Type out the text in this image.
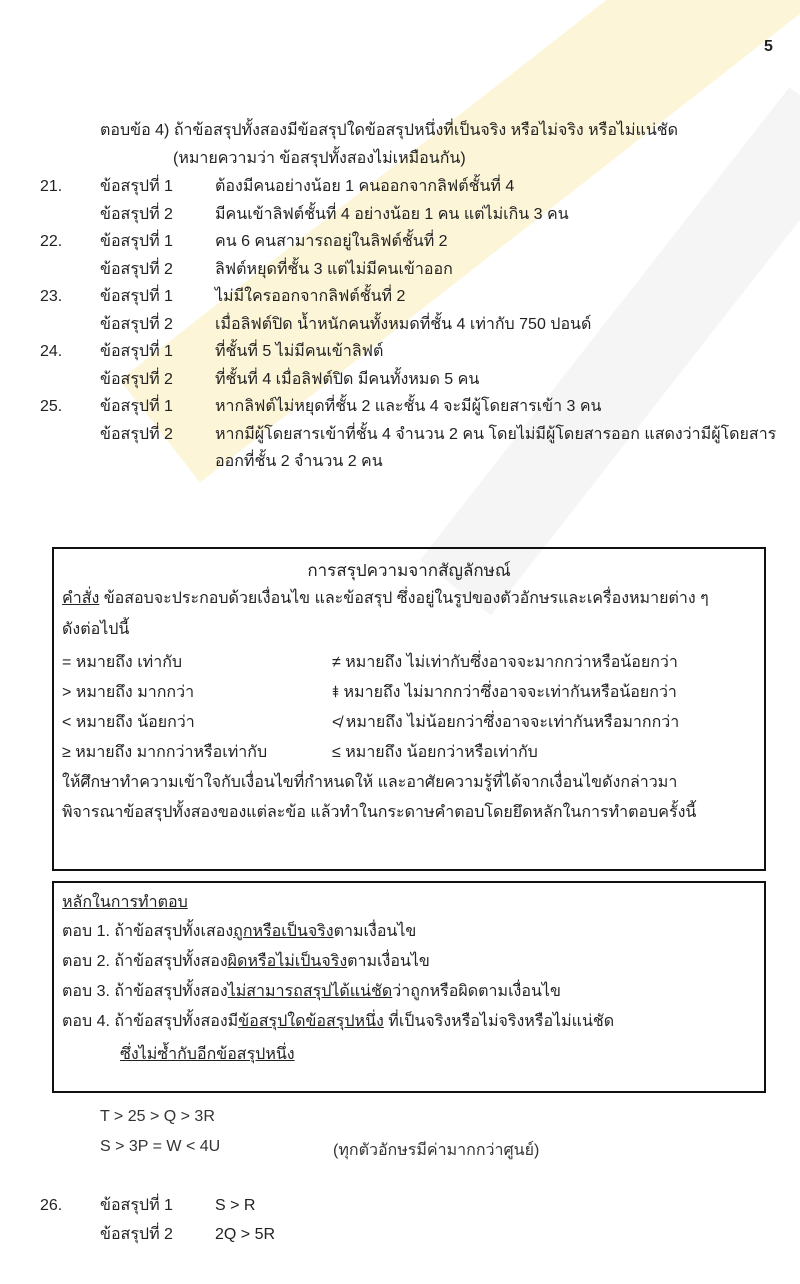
5
ตอบข้อ 4) ถ้าข้อสรุปทั้งสองมีข้อสรุปใดข้อสรุปหนึ่งที่เป็นจริง หรือไม่จริง หรือไม่แน่ชัด
(หมายความว่า ข้อสรุปทั้งสองไม่เหมือนกัน)
21. ข้อสรุปที่ 1	ต้องมีคนอย่างน้อย 1 คนออกจากลิฟต์ชั้นที่ 4
ข้อสรุปที่ 2	มีคนเข้าลิฟต์ชั้นที่ 4 อย่างน้อย 1 คน แต่ไม่เกิน 3 คน
22. ข้อสรุปที่ 1	คน 6 คนสามารถอยู่ในลิฟต์ชั้นที่ 2
ข้อสรุปที่ 2	ลิฟต์หยุดที่ชั้น 3 แต่ไม่มีคนเข้าออก
23. ข้อสรุปที่ 1	ไม่มีใครออกจากลิฟต์ชั้นที่ 2
ข้อสรุปที่ 2	เมื่อลิฟต์ปิด น้ำหนักคนทั้งหมดที่ชั้น 4 เท่ากับ 750 ปอนด์
24. ข้อสรุปที่ 1	ที่ชั้นที่ 5 ไม่มีคนเข้าลิฟต์
ข้อสรุปที่ 2	ที่ชั้นที่ 4 เมื่อลิฟต์ปิด มีคนทั้งหมด 5 คน
25. ข้อสรุปที่ 1	หากลิฟต์ไม่หยุดที่ชั้น 2 และชั้น 4 จะมีผู้โดยสารเข้า 3 คน
ข้อสรุปที่ 2	หากมีผู้โดยสารเข้าที่ชั้น 4 จำนวน 2 คน โดยไม่มีผู้โดยสารออก แสดงว่ามีผู้โดยสาร
ออกที่ชั้น 2 จำนวน 2 คน
การสรุปความจากสัญลักษณ์
คำสั่ง ข้อสอบจะประกอบด้วยเงื่อนไข และข้อสรุป ซึ่งอยู่ในรูปของตัวอักษรและเครื่องหมายต่าง ๆ
ดังต่อไปนี้
= หมายถึง เท่ากับ	≠ หมายถึง ไม่เท่ากับซึ่งอาจจะมากกว่าหรือน้อยกว่า
> หมายถึง มากกว่า	⯒ หมายถึง ไม่มากกว่าซึ่งอาจจะเท่ากันหรือน้อยกว่า
< หมายถึง น้อยกว่า	≮ หมายถึง ไม่น้อยกว่าซึ่งอาจจะเท่ากันหรือมากกว่า
≥ หมายถึง มากกว่าหรือเท่ากับ	≤ หมายถึง น้อยกว่าหรือเท่ากับ
ให้ศึกษาทำความเข้าใจกับเงื่อนไขที่กำหนดให้ และอาศัยความรู้ที่ได้จากเงื่อนไขดังกล่าวมา
พิจารณาข้อสรุปทั้งสองของแต่ละข้อ แล้วทำในกระดาษคำตอบโดยยึดหลักในการทำตอบครั้งนี้
หลักในการทำตอบ
ตอบ 1. ถ้าข้อสรุปทั้งเสองถูกหรือเป็นจริงตามเงื่อนไข
ตอบ 2. ถ้าข้อสรุปทั้งสองผิดหรือไม่เป็นจริงตามเงื่อนไข
ตอบ 3. ถ้าข้อสรุปทั้งสองไม่สามารถสรุปได้แน่ชัดว่าถูกหรือผิดตามเงื่อนไข
ตอบ 4. ถ้าข้อสรุปทั้งสองมีข้อสรุปใดข้อสรุปหนึ่ง ที่เป็นจริงหรือไม่จริงหรือไม่แน่ชัด
ซึ่งไม่ซ้ำกับอีกข้อสรุปหนึ่ง
T > 25 > Q > 3R
S > 3P = W < 4U	(ทุกตัวอักษรมีค่ามากกว่าศูนย์)
26. ข้อสรุปที่ 1	S > R
ข้อสรุปที่ 2	2Q > 5R
